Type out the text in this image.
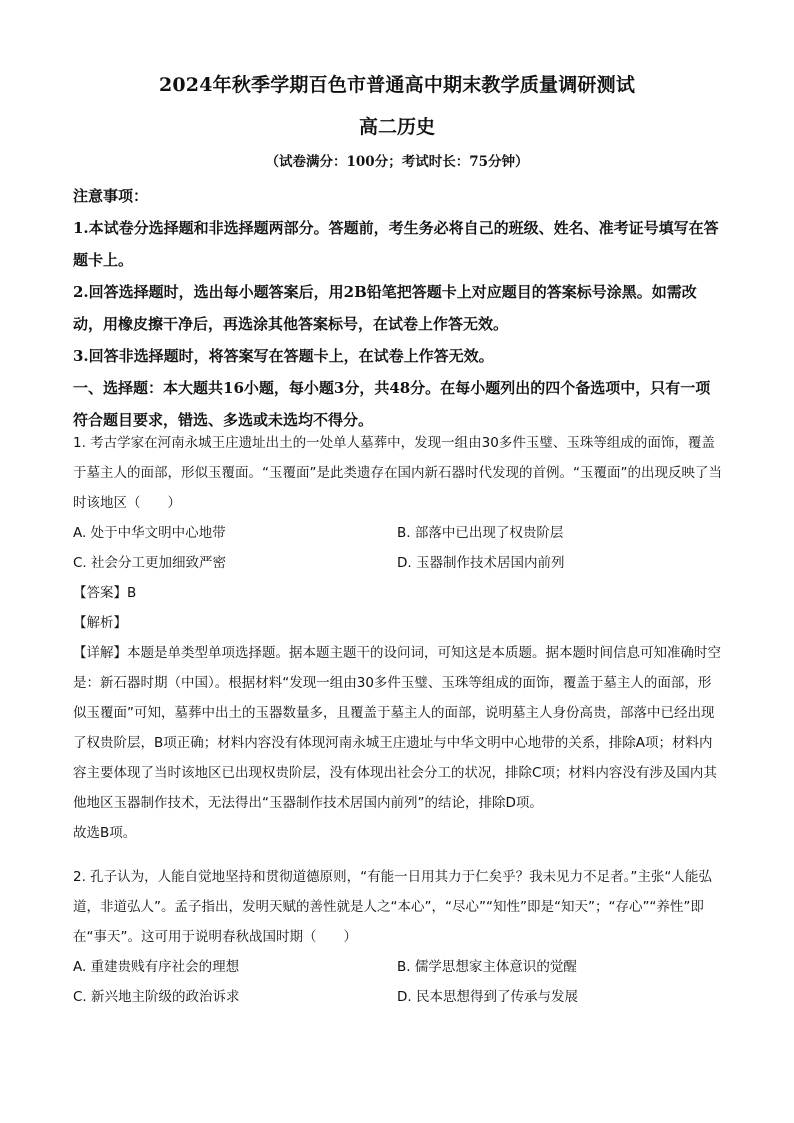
2024年秋季学期百色市普通高中期末教学质量调研测试
高二历史
（试卷满分：100分；考试时长：75分钟）

注意事项：

1.本试卷分选择题和非选择题两部分。答题前，考生务必将自己的班级、姓名、准考证号填写在答题卡上。

2.回答选择题时，选出每小题答案后，用2B铅笔把答题卡上对应题目的答案标号涂黑。如需改动，用橡皮擦干净后，再选涂其他答案标号，在试卷上作答无效。

3.回答非选择题时，将答案写在答题卡上，在试卷上作答无效。

一、选择题：本大题共16小题，每小题3分，共48分。在每小题列出的四个备选项中，只有一项符合题目要求，错选、多选或未选均不得分。

1. 考古学家在河南永城王庄遗址出土的一处单人墓葬中，发现一组由30多件玉璧、玉珠等组成的面饰，覆盖于墓主人的面部，形似玉覆面。“玉覆面”是此类遗存在国内新石器时代发现的首例。“玉覆面”的出现反映了当时该地区（　　）

A. 处于中华文明中心地带	B. 部落中已出现了权贵阶层
C. 社会分工更加细致严密	D. 玉器制作技术居国内前列

【答案】B

【解析】

【详解】本题是单类型单项选择题。据本题主题干的设问词，可知这是本质题。据本题时间信息可知准确时空是：新石器时期（中国）。根据材料“发现一组由30多件玉璧、玉珠等组成的面饰，覆盖于墓主人的面部，形似玉覆面”可知，墓葬中出土的玉器数量多，且覆盖于墓主人的面部，说明墓主人身份高贵，部落中已经出现了权贵阶层，B项正确；材料内容没有体现河南永城王庄遗址与中华文明中心地带的关系，排除A项；材料内容主要体现了当时该地区已出现权贵阶层，没有体现出社会分工的状况，排除C项；材料内容没有涉及国内其他地区玉器制作技术，无法得出“玉器制作技术居国内前列”的结论，排除D项。

故选B项。

2. 孔子认为，人能自觉地坚持和贯彻道德原则，“有能一日用其力于仁矣乎？我未见力不足者。”主张“人能弘道，非道弘人”。孟子指出，发明天赋的善性就是人之“本心”，“尽心”“知性”即是“知天”；“存心”“养性”即在“事天”。这可用于说明春秋战国时期（　　）

A. 重建贵贱有序社会的理想	B. 儒学思想家主体意识的觉醒
C. 新兴地主阶级的政治诉求	D. 民本思想得到了传承与发展
